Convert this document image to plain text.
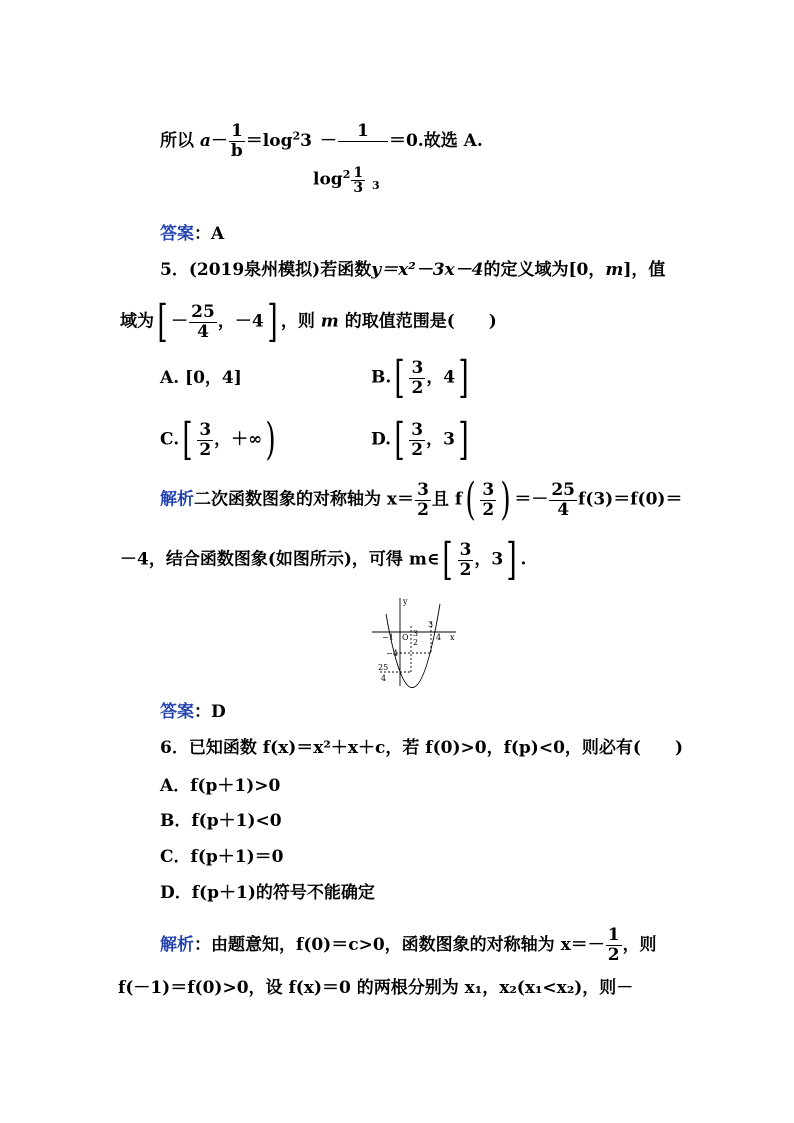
所以 $a- \frac{1}{b} =\log^23$ －	1
	＝0.故选 A.
$\log^2 \frac{1}{3} _3$
答案：A
5．(2019泉州模拟)若函数y＝x²－3x－4的定义域为[0，m]，值
域为[ － $\frac{25}{4}$ ，－4] ，则 m 的取值范围是(　　)
A. [0，4]	$B.[ \frac{3}{2}$ ，4]
$C.[ \frac{3}{2}$ ，＋∞)	$D.[ \frac{3}{2}$ ，3]
解析二次函数图象的对称轴为 $x= \frac{3}{2}$ 且 $f( \frac{3}{2}$ ) ＝－ $\frac{25}{4} f(3)=f(0)=$
－4，结合函数图象(如图所示)，可得 m∈[ $\frac{3}{2}$ ，3] .
y
x
O
−1
3
4
−4
25
4
3
2
答案：D
6．已知函数 f(x)＝x²＋x＋c，若 f(0)>0，f(p)<0，则必有(　　)
A．f(p＋1)>0
B．f(p＋1)<0
C．f(p＋1)＝0
D．f(p＋1)的符号不能确定
解析：由题意知，f(0)＝c>0，函数图象的对称轴为 $x=- \frac{1}{2}$ ，则
f(－1)＝f(0)>0，设 f(x)＝0 的两根分别为 x₁，x₂(x₁<x₂)，则－
